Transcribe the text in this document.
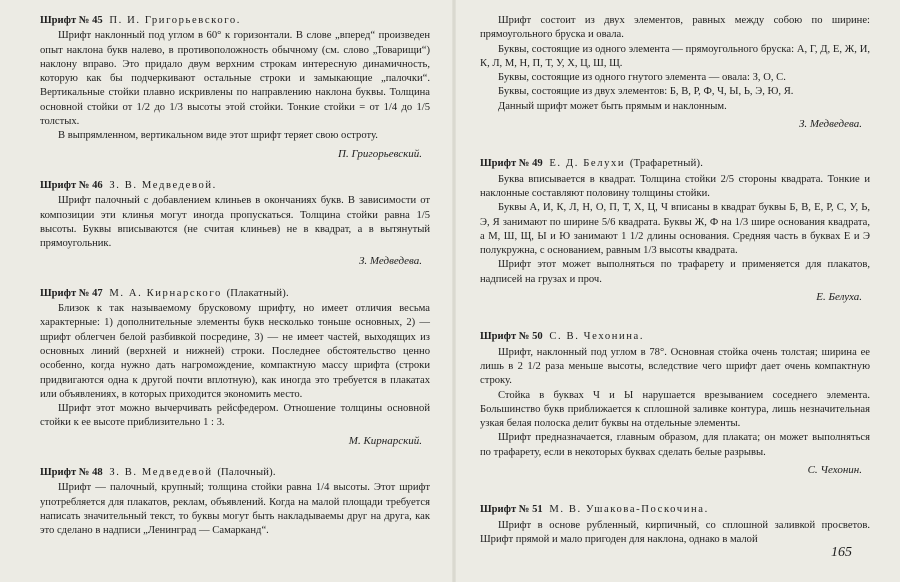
Шрифт № 45 П. И. Григорьевского.

Шрифт наклонный под углом в 60° к горизонтали. В слове „вперед“ произведен опыт наклона букв налево, в противоположность обычному (см. слово „Товарищи“) наклону вправо. Это придало двум верхним строкам интересную динамичность, которую как бы подчеркивают остальные строки и замыкающие „палочки“. Вертикальные стойки плавно искривлены по направлению наклона буквы. Толщина основной стойки от 1/2 до 1/3 высоты этой стойки. Тонкие стойки = от 1/4 до 1/5 толстых.

В выпрямленном, вертикальном виде этот шрифт теряет свою остроту.

П. Григорьевский.
Шрифт № 46 З. В. Медведевой.

Шрифт палочный с добавлением клиньев в окончаниях букв. В зависимости от композиции эти клинья могут иногда пропускаться. Толщина стойки равна 1/5 высоты. Буквы вписываются (не считая клиньев) не в квадрат, а в вытянутый прямоугольник.

З. Медведева.
Шрифт № 47 М. А. Кирнарского (Плакатный).

Близок к так называемому брусковому шрифту, но имеет отличия весьма характерные: 1) дополнительные элементы букв несколько тоньше основных, 2) — шрифт облегчен белой разбивкой посредине, 3) — не имеет частей, выходящих из основных линий (верхней и нижней) строки. Последнее обстоятельство ценно особенно, когда нужно дать нагромождение, компактную массу шрифта (строки придвигаются одна к другой почти вплотную), как иногда это требуется в плакатах или объявлениях, в которых приходится экономить место.

Шрифт этот можно вычерчивать рейсфедером. Отношение толщины основной стойки к ее высоте приблизительно 1 : 3.

М. Кирнарский.
Шрифт № 48 З. В. Медведевой (Палочный).

Шрифт — палочный, крупный; толщина стойки равна 1/4 высоты. Этот шрифт употребляется для плакатов, реклам, объявлений. Когда на малой площади требуется написать значительный текст, то буквы могут быть накладываемы друг на друга, как это сделано в надписи „Ленинград — Самарканд“.

Шрифт состоит из двух элементов, равных между собою по ширине: прямоугольного бруска и овала.

Буквы, состоящие из одного элемента — прямоугольного бруска: А, Г, Д, Е, Ж, И, К, Л, М, Н, П, Т, У, Х, Ц, Ш, Щ.

Буквы, состоящие из одного гнутого элемента — овала: З, О, С.

Буквы, состоящие из двух элементов: Б, В, Р, Ф, Ч, Ы, Ь, Э, Ю, Я.

Данный шрифт может быть прямым и наклонным.

З. Медведева.
Шрифт № 49 Е. Д. Белухи (Трафаретный).

Буква вписывается в квадрат. Толщина стойки 2/5 стороны квадрата. Тонкие и наклонные составляют половину толщины стойки.

Буквы А, И, К, Л, Н, О, П, Т, Х, Ц, Ч вписаны в квадрат буквы Б, В, Е, Р, С, У, Ь, Э, Я занимают по ширине 5/6 квадрата. Буквы Ж, Ф на 1/3 шире основания квадрата, а М, Ш, Щ, Ы и Ю занимают 1 1/2 длины основания. Средняя часть в буквах Е и Э полукружна, с основанием, равным 1/3 высоты квадрата.

Шрифт этот может выполняться по трафарету и применяется для плакатов, надписей на грузах и проч.

Е. Белуха.
Шрифт № 50 С. В. Чехонина.

Шрифт, наклонный под углом в 78°. Основная стойка очень толстая; ширина ее лишь в 2 1/2 раза меньше высоты, вследствие чего шрифт дает очень компактную строку.

Стойка в буквах Ч и Ы нарушается врезыванием соседнего элемента. Большинство букв приближается к сплошной заливке контура, лишь незначительная узкая белая полоска делит буквы на отдельные элементы.

Шрифт предназначается, главным образом, для плаката; он может выполняться по трафарету, если в некоторых буквах сделать белые разрывы.

С. Чехонин.
Шрифт № 51 М. В. Ушакова-Поскочина.

Шрифт в основе рубленный, кирпичный, со сплошной заливкой просветов. Шрифт прямой и мало пригоден для наклона, однако в малой

165
